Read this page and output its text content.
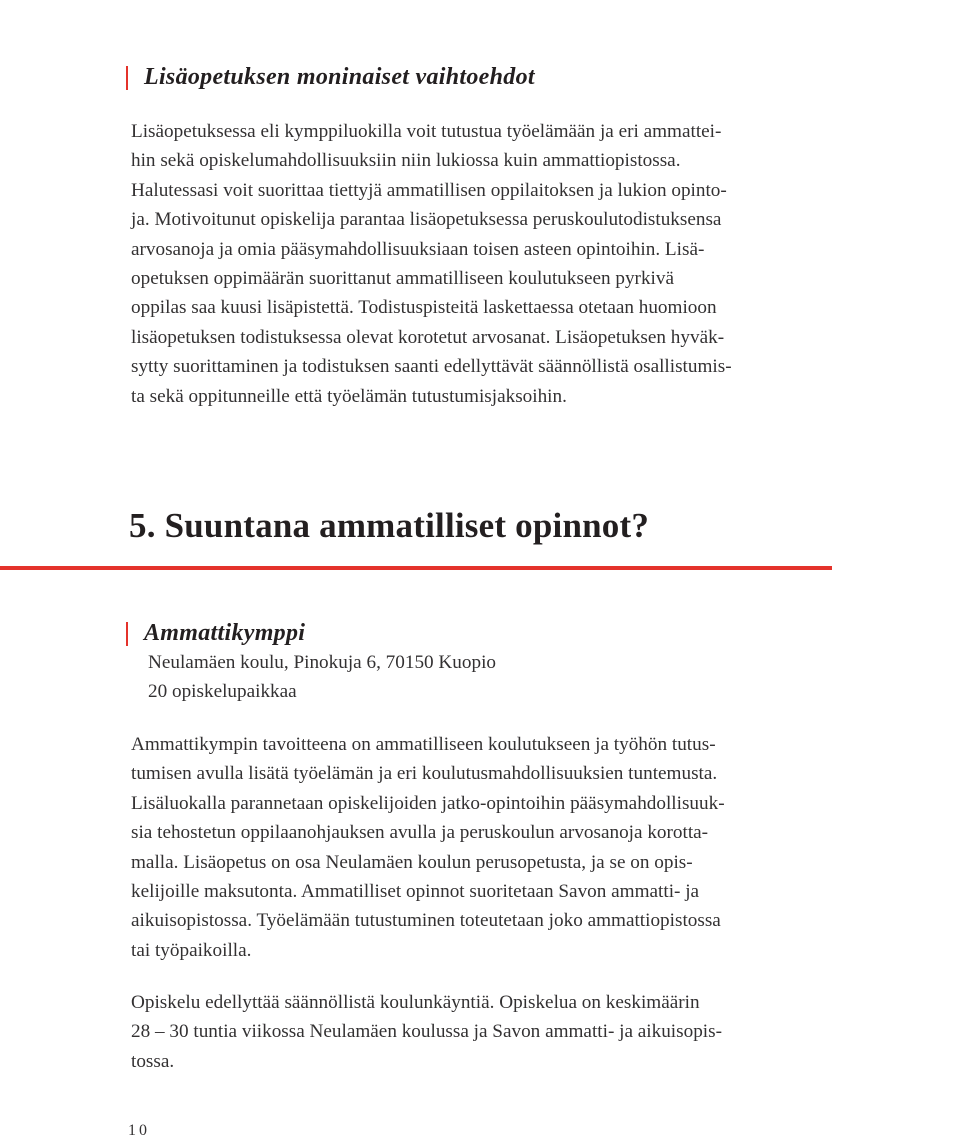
Lisäopetuksen moninaiset vaihtoehdot

Lisäopetuksessa eli kymppiluokilla voit tutustua työelämään ja eri ammattei-
hin sekä opiskelumahdollisuuksiin niin lukiossa kuin ammattiopistossa.
Halutessasi voit suorittaa tiettyjä ammatillisen oppilaitoksen ja lukion opinto-
ja. Motivoitunut opiskelija parantaa lisäopetuksessa peruskoulutodistuksensa
arvosanoja ja omia pääsymahdollisuuksiaan toisen asteen opintoihin. Lisä-
opetuksen oppimäärän suorittanut ammatilliseen koulutukseen pyrkivä
oppilas saa kuusi lisäpistettä. Todistuspisteitä laskettaessa otetaan huomioon
lisäopetuksen todistuksessa olevat korotetut arvosanat. Lisäopetuksen hyväk-
sytty suorittaminen ja todistuksen saanti edellyttävät säännöllistä osallistumis-
ta sekä oppitunneille että työelämän tutustumisjaksoihin.

5. Suuntana ammatilliset opinnot?
Ammattikymppi
Neulamäen koulu, Pinokuja 6, 70150 Kuopio
20 opiskelupaikkaa

Ammattikympin tavoitteena on ammatilliseen koulutukseen ja työhön tutus-
tumisen avulla lisätä työelämän ja eri koulutusmahdollisuuksien tuntemusta.
Lisäluokalla parannetaan opiskelijoiden jatko-opintoihin pääsymahdollisuuk-
sia tehostetun oppilaanohjauksen avulla ja peruskoulun arvosanoja korotta-
malla. Lisäopetus on osa Neulamäen koulun perusopetusta, ja se on opis-
kelijoille maksutonta. Ammatilliset opinnot suoritetaan Savon ammatti- ja
aikuisopistossa. Työelämään tutustuminen toteutetaan joko ammattiopistossa
tai työpaikoilla.

Opiskelu edellyttää säännöllistä koulunkäyntiä. Opiskelua on keskimäärin
28 – 30 tuntia viikossa Neulamäen koulussa ja Savon ammatti- ja aikuisopis-
tossa.

10
